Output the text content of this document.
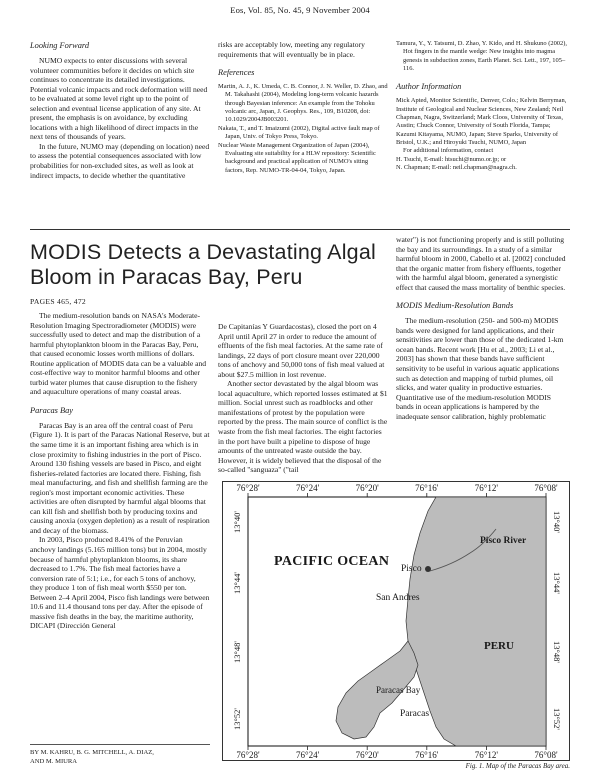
Eos, Vol. 85, No. 45, 9 November 2004
Looking Forward

NUMO expects to enter discussions with several volunteer communities before it decides on which site continues to concentrate its detailed investigations. Potential volcanic impacts and rock deformation will need to be evaluated at some level right up to the point of selection and eventual license application of any site. At present, the emphasis is on avoidance, by excluding locations with a high likelihood of direct impacts in the next tens of thousands of years.

In the future, NUMO may (depending on location) need to assess the potential consequences associated with low probabilities for non-excluded sites, as well as look at indirect impacts, to decide whether the quantitative

risks are acceptably low, meeting any regulatory requirements that will eventually be in place.

References

Martin, A. J., K. Umeda, C. B. Connor, J. N. Weller, D. Zhao, and M. Takahashi (2004), Modeling long-term volcanic hazards through Bayesian inference: An example from the Tohoku volcanic arc, Japan, J. Geophys. Res., 109, B10208, doi: 10.1029/2004JB003201.

Nakata, T., and T. Imaizumi (2002), Digital active fault map of Japan, Univ. of Tokyo Press, Tokyo.

Nuclear Waste Management Organization of Japan (2004), Evaluating site suitability for a HLW repository: Scientific background and practical application of NUMO's siting factors, Rep. NUMO-TR-04-04, Tokyo, Japan.

Tamura, Y., Y. Tatsumi, D. Zhao, Y. Kido, and H. Shukuno (2002), Hot fingers in the mantle wedge: New insights into magma genesis in subduction zones, Earth Planet. Sci. Lett., 197, 105–116.

Author Information

Mick Apted, Monitor Scientific, Denver, Colo.; Kelvin Berryman, Institute of Geological and Nuclear Sciences, New Zealand; Neil Chapman, Nagra, Switzerland; Mark Cloos, University of Texas, Austin; Chuck Connor, University of South Florida, Tampa; Kazumi Kitayama, NUMO, Japan; Steve Sparks, University of Bristol, U.K.; and Hiroyuki Tsuchi, NUMO, Japan

For additional information, contact

H. Tsuchi, E-mail: htsuchi@numo.or.jp; or

N. Chapman; E-mail: neil.chapman@nagra.ch.

MODIS Detects a Devastating Algal Bloom in Paracas Bay, Peru
PAGES 465, 472

The medium-resolution bands on NASA's Moderate-Resolution Imaging Spectroradiometer (MODIS) were successfully used to detect and map the distribution of a harmful phytoplankton bloom in the Paracas Bay, Peru, that caused economic losses worth millions of dollars. Routine application of MODIS data can be a valuable and cost-effective way to monitor harmful blooms and other turbid water plumes that cause disruption to the fishery and aquaculture operations of many coastal areas.

Paracas Bay

Paracas Bay is an area off the central coast of Peru (Figure 1). It is part of the Paracas National Reserve, but at the same time it is an important fishing area which is in close proximity to fishing industries in the port of Pisco. Around 130 fishing vessels are based in Pisco, and eight fisheries-related factories are located there. Fishing, fish meal manufacturing, and fish and shellfish farming are the region's most important economic activities. These activities are often disrupted by harmful algal blooms that can kill fish and shellfish both by producing toxins and causing anoxia (oxygen depletion) as a result of respiration and decay of the biomass.

In 2003, Pisco produced 8.41% of the Peruvian anchovy landings (5.165 million tons) but in 2004, mostly because of harmful phytoplankton blooms, its share decreased to 1.7%. The fish meal factories have a conversion rate of 5:1; i.e., for each 5 tons of anchovy, they produce 1 ton of fish meal worth $550 per ton. Between 2–4 April 2004, Pisco fish landings were between 10.6 and 11.4 thousand tons per day. After the episode of massive fish deaths in the bay, the maritime authority, DICAPI (Dirección General

De Capitanías Y Guardacostas), closed the port on 4 April until April 27 in order to reduce the amount of effluents of the fish meal factories. At the same rate of landings, 22 days of port closure meant over 220,000 tons of anchovy and 50,000 tons of fish meal valued at about $27.5 million in lost revenue.

Another sector devastated by the algal bloom was local aquaculture, which reported losses estimated at $1 million. Social unrest such as roadblocks and other manifestations of protest by the population were reported by the press. The main source of conflict is the waste from the fish meal factories. The eight factories in the port have built a pipeline to dispose of huge amounts of the untreated waste outside the bay. However, it is widely believed that the disposal of the so-called "sanguaza" ("tail

water") is not functioning properly and is still polluting the bay and its surroundings. In a study of a similar harmful bloom in 2000, Cabello et al. [2002] concluded that the organic matter from fishery effluents, together with the harmful algal bloom, generated a synergistic effect that caused the mass mortality of benthic species.

MODIS Medium-Resolution Bands

The medium-resolution (250- and 500-m) MODIS bands were designed for land applications, and their sensitivities are lower than those of the dedicated 1-km ocean bands. Recent work [Hu et al., 2003; Li et al., 2003] has shown that these bands have sufficient sensitivity to be useful in various aquatic applications such as detection and mapping of turbid plumes, oil slicks, and water quality in productive estuaries. Quantitative use of the medium-resolution MODIS bands in ocean applications is hampered by the inadequate sensor calibration, highly problematic

BY M. KAHRU, B. G. MITCHELL, A. DIAZ,
AND M. MIURA
76°28'	76°24'	76°20'	76°16'	76°12'	76°08'
76°28'	76°24'	76°20'	76°16'	76°12'	76°08'
13°40'
13°44'
13°48'
13°52'
13°40'
13°44'
13°48'
13°52'
PACIFIC OCEAN Pisco
Pisco River
San Andres
PERU
Paracas Bay
Paracas
Fig. 1. Map of the Paracas Bay area.
